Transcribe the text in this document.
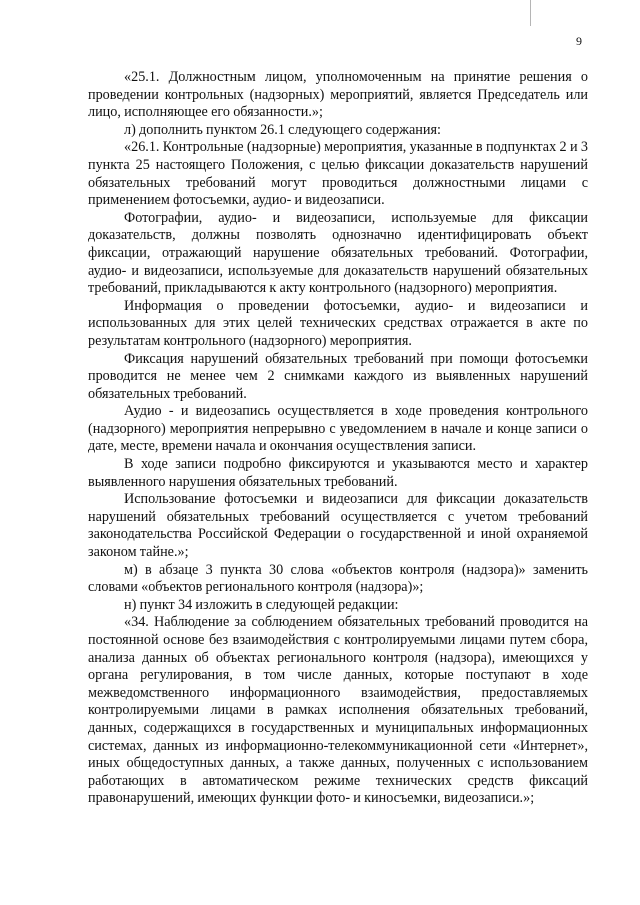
9

«25.1. Должностным лицом, уполномоченным на принятие решения о проведении контрольных (надзорных) мероприятий, является Председатель или лицо, исполняющее его обязанности.»;

л) дополнить пунктом 26.1 следующего содержания:

«26.1. Контрольные (надзорные) мероприятия, указанные в подпунктах 2 и 3 пункта 25 настоящего Положения, с целью фиксации доказательств нарушений обязательных требований могут проводиться должностными лицами с применением фотосъемки, аудио- и видеозаписи.

Фотографии, аудио- и видеозаписи, используемые для фиксации доказательств, должны позволять однозначно идентифицировать объект фиксации, отражающий нарушение обязательных требований. Фотографии, аудио- и видеозаписи, используемые для доказательств нарушений обязательных требований, прикладываются к акту контрольного (надзорного) мероприятия.

Информация о проведении фотосъемки, аудио- и видеозаписи и использованных для этих целей технических средствах отражается в акте по результатам контрольного (надзорного) мероприятия.

Фиксация нарушений обязательных требований при помощи фотосъемки проводится не менее чем 2 снимками каждого из выявленных нарушений обязательных требований.

Аудио - и видеозапись осуществляется в ходе проведения контрольного (надзорного) мероприятия непрерывно с уведомлением в начале и конце записи о дате, месте, времени начала и окончания осуществления записи.

В ходе записи подробно фиксируются и указываются место и характер выявленного нарушения обязательных требований.

Использование фотосъемки и видеозаписи для фиксации доказательств нарушений обязательных требований осуществляется с учетом требований законодательства Российской Федерации о государственной и иной охраняемой законом тайне.»;

м) в абзаце 3 пункта 30 слова «объектов контроля (надзора)» заменить словами «объектов регионального контроля (надзора)»;

н) пункт 34 изложить в следующей редакции:

«34. Наблюдение за соблюдением обязательных требований проводится на постоянной основе без взаимодействия с контролируемыми лицами путем сбора, анализа данных об объектах регионального контроля (надзора), имеющихся у органа регулирования, в том числе данных, которые поступают в ходе межведомственного информационного взаимодействия, предоставляемых контролируемыми лицами в рамках исполнения обязательных требований, данных, содержащихся в государственных и муниципальных информационных системах, данных из информационно-телекоммуникационной сети «Интернет», иных общедоступных данных, а также данных, полученных с использованием работающих в автоматическом режиме технических средств фиксаций правонарушений, имеющих функции фото- и киносъемки, видеозаписи.»;
